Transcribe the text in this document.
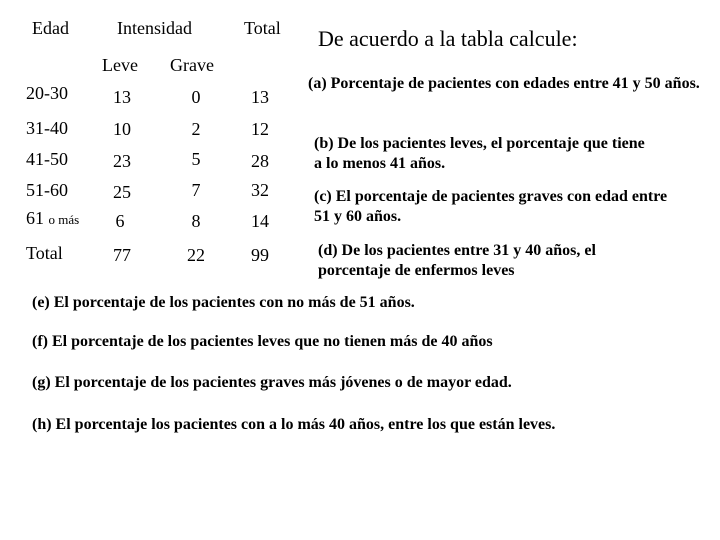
Edad	Intensidad	Total
Leve Grave
20-30	13	0	13
31-40	10	2	12
41-50	23	5	28
51-60	25	7	32
61 o más	6	8	14
Total	77	22	99
De acuerdo a la tabla calcule:
(a) Porcentaje de pacientes con edades entre 41 y 50 años.
(b) De los pacientes leves, el porcentaje que tiene a lo menos 41 años.
(c) El porcentaje de pacientes graves con edad entre 51 y 60 años.
(d) De los pacientes entre 31 y 40 años, el porcentaje de enfermos leves
(e) El porcentaje de los pacientes con no más de 51 años.
(f) El porcentaje de los pacientes leves que no tienen más de 40 años
(g) El porcentaje de los pacientes graves más jóvenes o de mayor edad.
(h) El porcentaje los pacientes con a lo más 40 años, entre los que están leves.
